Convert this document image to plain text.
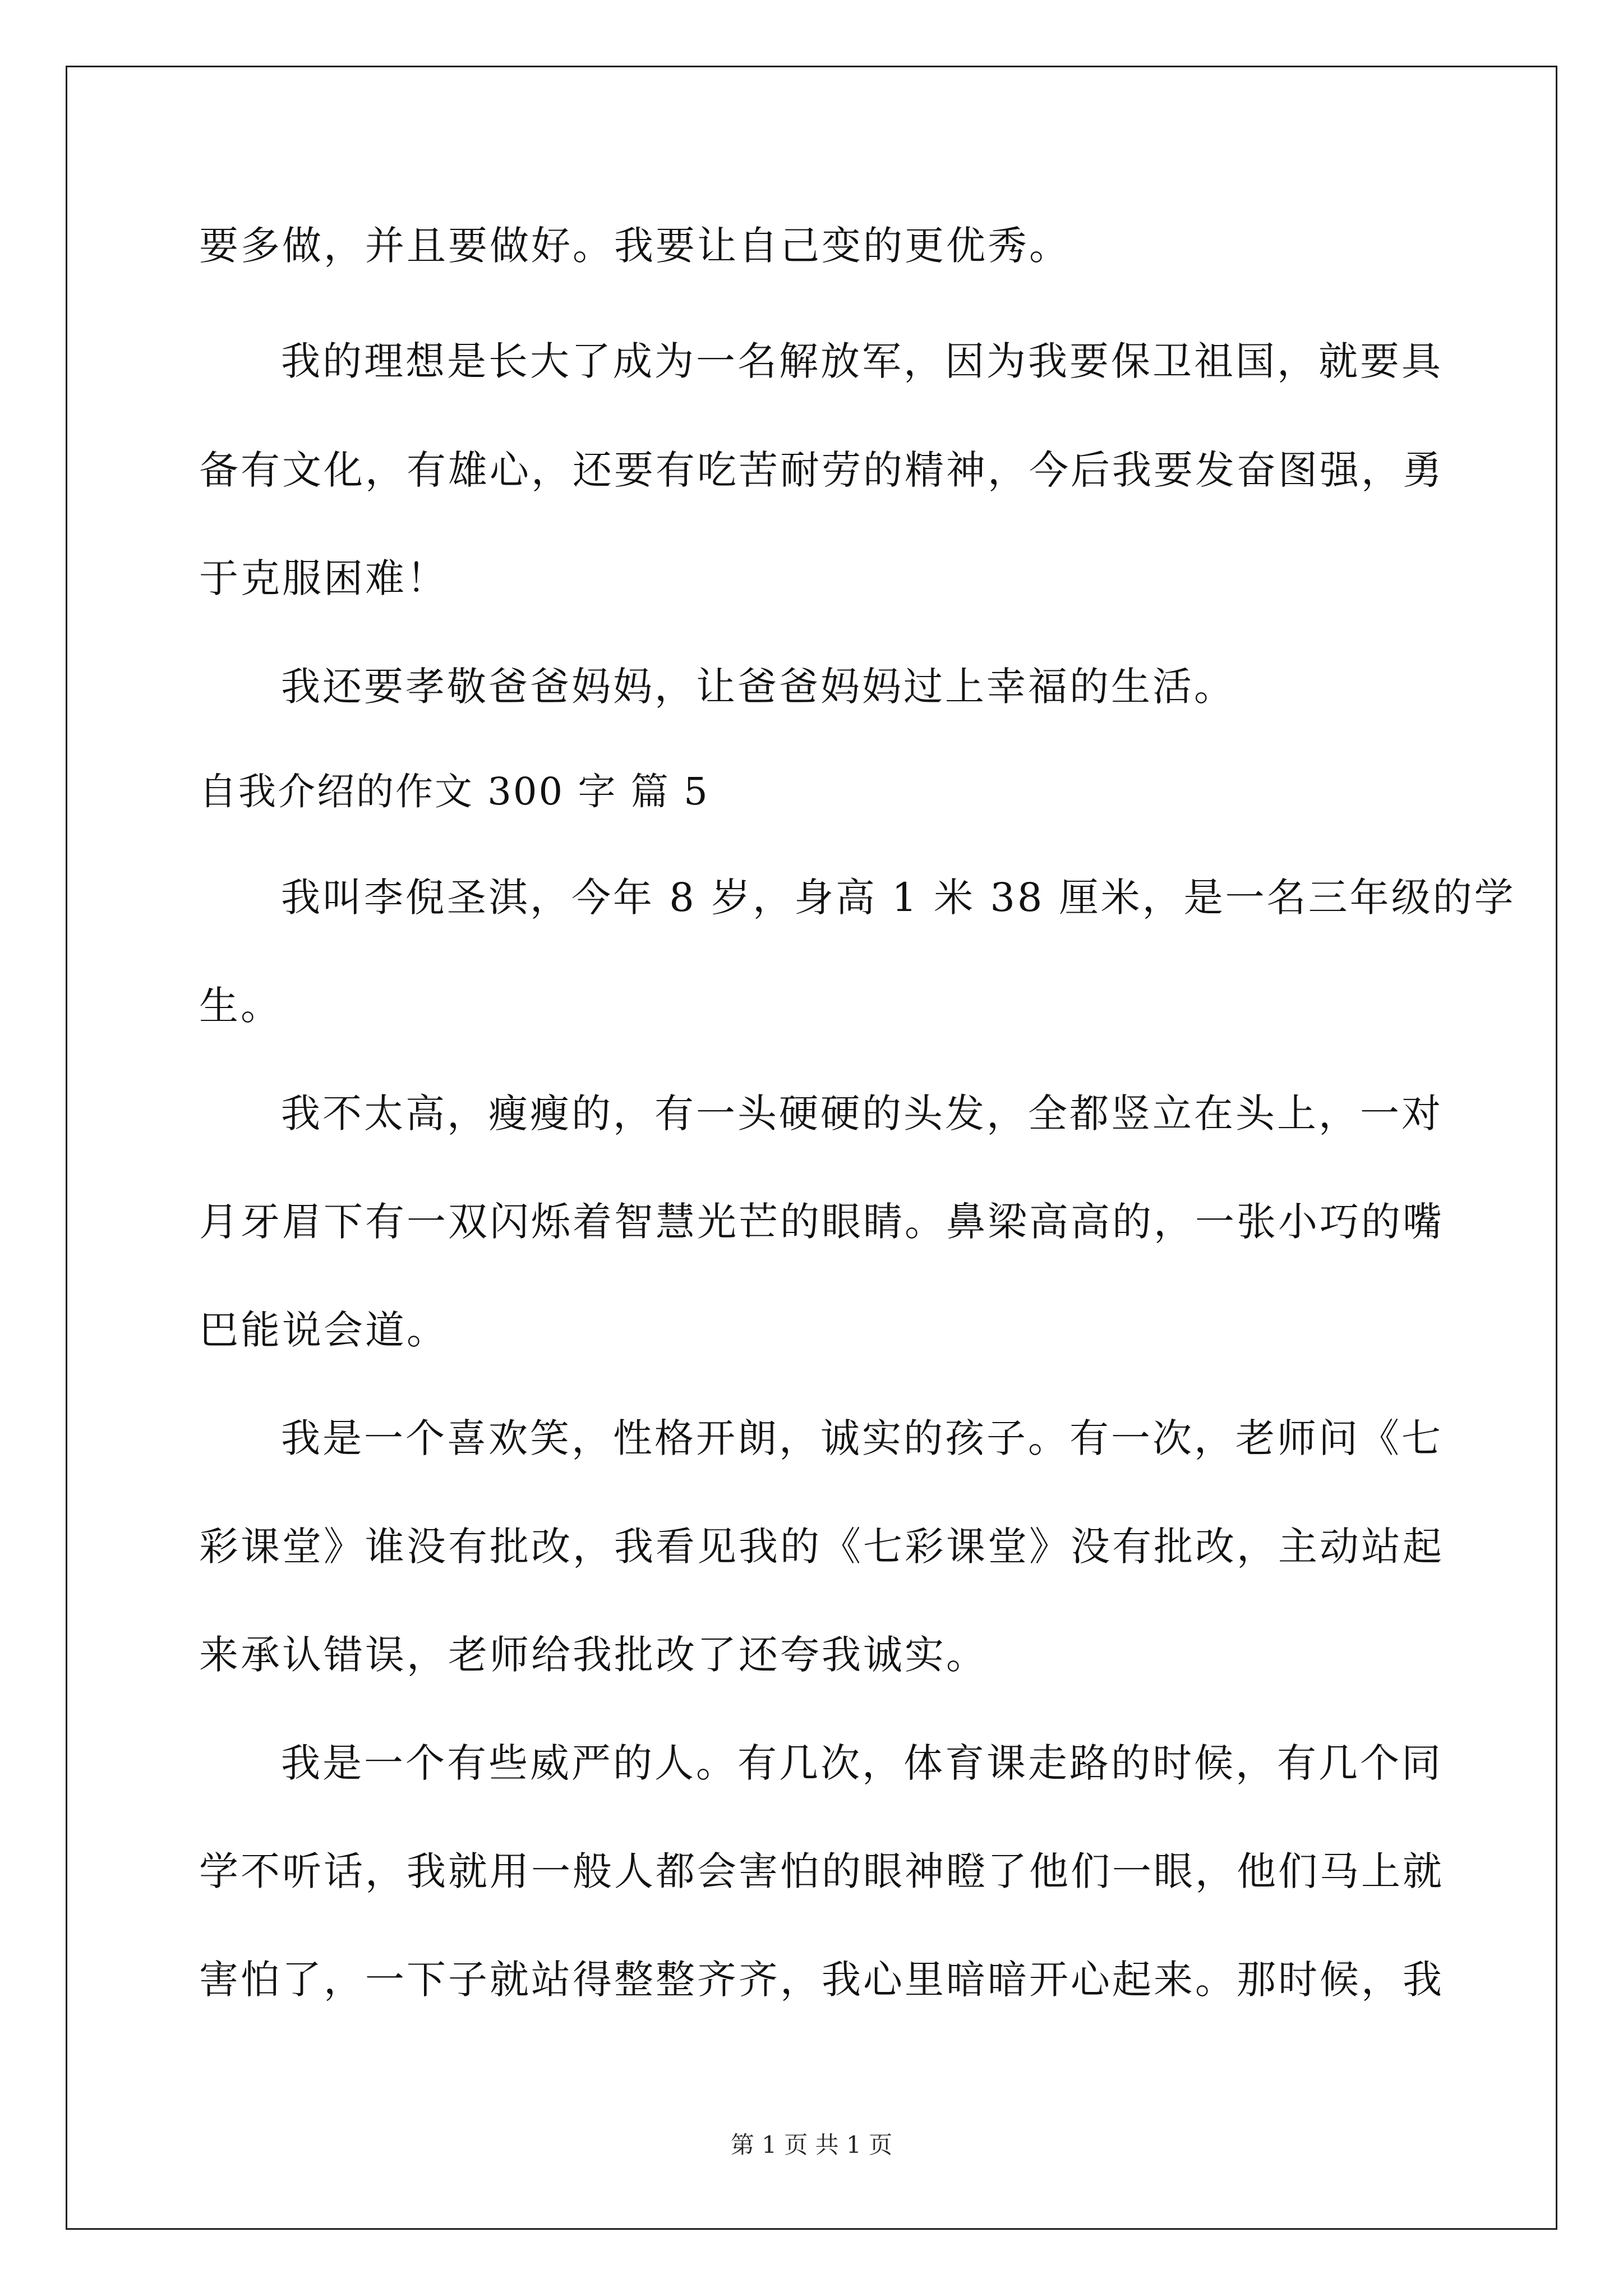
要多做，并且要做好。我要让自己变的更优秀。
我的理想是长大了成为一名解放军，因为我要保卫祖国，就要具
备有文化，有雄心，还要有吃苦耐劳的精神，今后我要发奋图强，勇
于克服困难！
我还要孝敬爸爸妈妈，让爸爸妈妈过上幸福的生活。
自我介绍的作文 300 字 篇 5
我叫李倪圣淇，今年 8 岁，身高 1 米 38 厘米，是一名三年级的学
生。
我不太高，瘦瘦的，有一头硬硬的头发，全都竖立在头上，一对
月牙眉下有一双闪烁着智慧光芒的眼睛。鼻梁高高的，一张小巧的嘴
巴能说会道。
我是一个喜欢笑，性格开朗，诚实的孩子。有一次，老师问《七
彩课堂》谁没有批改，我看见我的《七彩课堂》没有批改，主动站起
来承认错误，老师给我批改了还夸我诚实。
我是一个有些威严的人。有几次，体育课走路的时候，有几个同
学不听话，我就用一般人都会害怕的眼神瞪了他们一眼，他们马上就
害怕了，一下子就站得整整齐齐，我心里暗暗开心起来。那时候，我
第 1 页 共 1 页
